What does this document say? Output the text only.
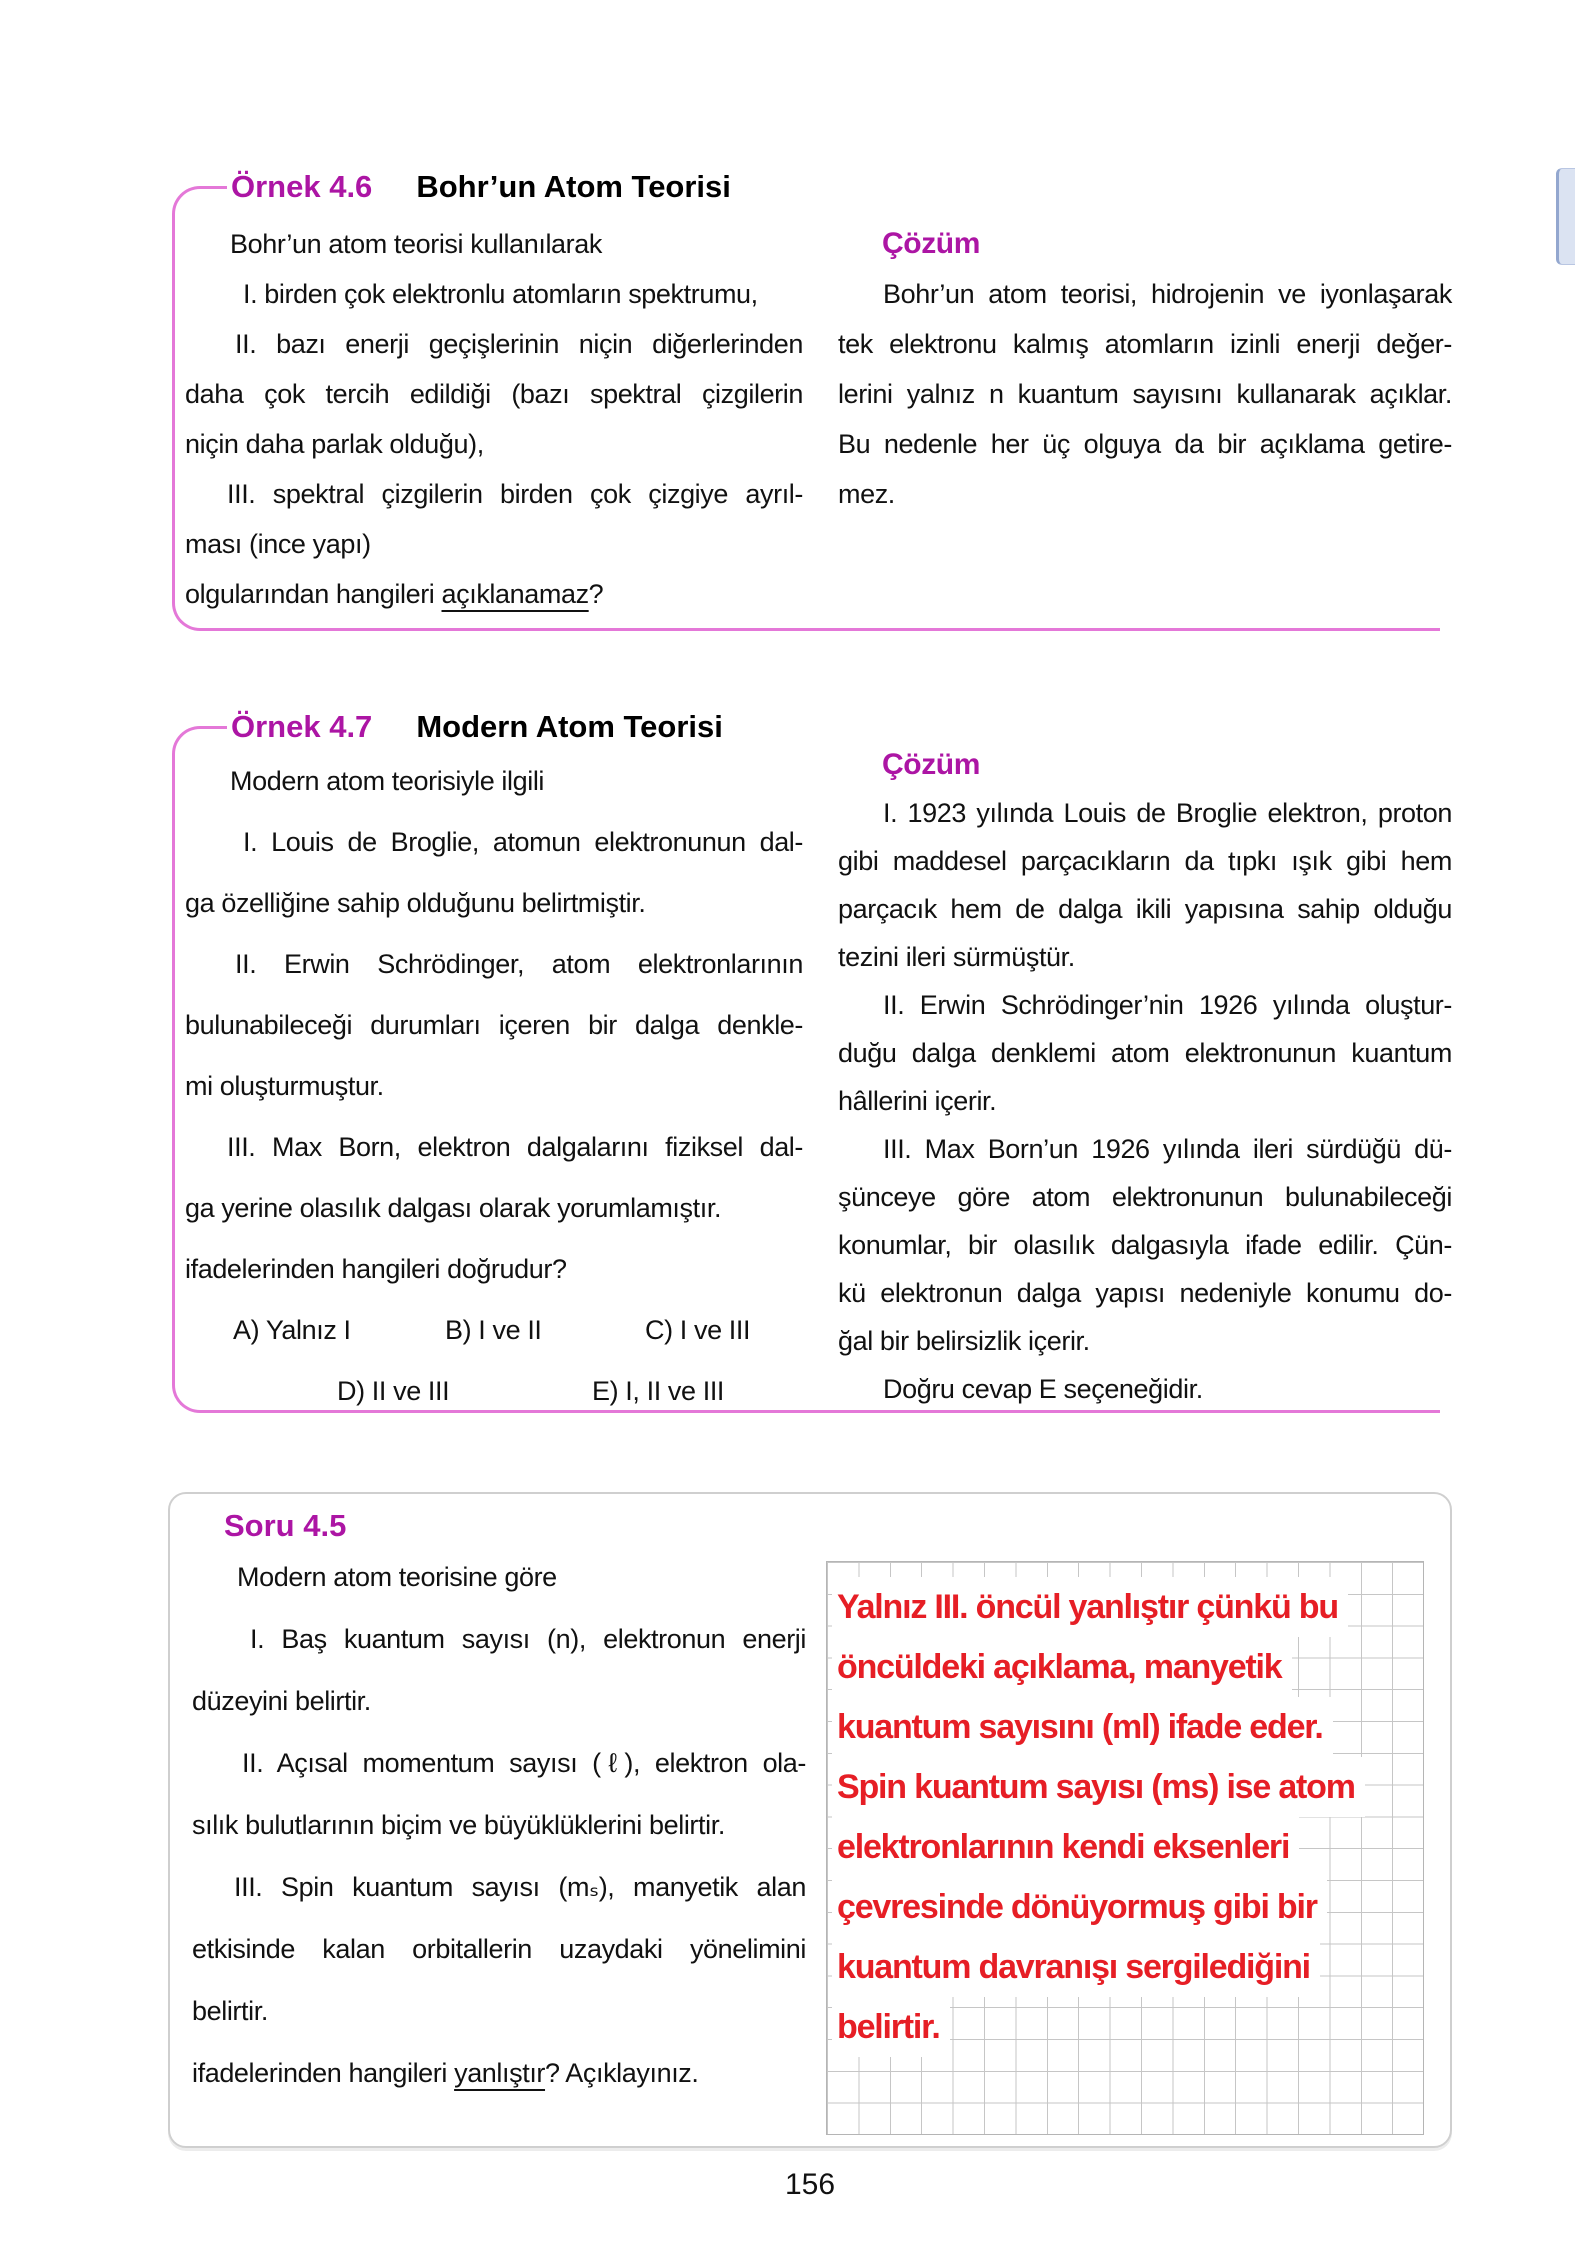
Örnek 4.6 Bohr’un Atom Teorisi
Bohr’un atom teorisi kullanılarak
I. birden çok elektronlu atomların spektrumu,
II. bazı enerji geçişlerinin niçin diğerlerinden
daha çok tercih edildiği (bazı spektral çizgilerin
niçin daha parlak olduğu),
III. spektral çizgilerin birden çok çizgiye ayrıl-
ması (ince yapı)
olgularından hangileri açıklanamaz?
Çözüm
Bohr’un atom teorisi, hidrojenin ve iyonlaşarak
tek elektronu kalmış atomların izinli enerji değer-
lerini yalnız n kuantum sayısını kullanarak açıklar.
Bu nedenle her üç olguya da bir açıklama getire-
mez.
Örnek 4.7 Modern Atom Teorisi
Modern atom teorisiyle ilgili
I. Louis de Broglie, atomun elektronunun dal-
ga özelliğine sahip olduğunu belirtmiştir.
II. Erwin Schrödinger, atom elektronlarının
bulunabileceği durumları içeren bir dalga denkle-
mi oluşturmuştur.
III. Max Born, elektron dalgalarını fiziksel dal-
ga yerine olasılık dalgası olarak yorumlamıştır.
ifadelerinden hangileri doğrudur?
A) Yalnız I	B) I ve II	C) I ve III
D) II ve III	E) I, II ve III
Çözüm
I. 1923 yılında Louis de Broglie elektron, proton
gibi maddesel parçacıkların da tıpkı ışık gibi hem
parçacık hem de dalga ikili yapısına sahip olduğu
tezini ileri sürmüştür.
II. Erwin Schrödinger’nin 1926 yılında oluştur-
duğu dalga denklemi atom elektronunun kuantum
hâllerini içerir.
III. Max Born’un 1926 yılında ileri sürdüğü dü-
şünceye göre atom elektronunun bulunabileceği
konumlar, bir olasılık dalgasıyla ifade edilir. Çün-
kü elektronun dalga yapısı nedeniyle konumu do-
ğal bir belirsizlik içerir.
Doğru cevap E seçeneğidir.
Soru 4.5
Modern atom teorisine göre
I. Baş kuantum sayısı (n), elektronun enerji
düzeyini belirtir.
II. Açısal momentum sayısı (ℓ), elektron ola-
sılık bulutlarının biçim ve büyüklüklerini belirtir.
III. Spin kuantum sayısı (mₛ), manyetik alan
etkisinde kalan orbitallerin uzaydaki yönelimini
belirtir.
ifadelerinden hangileri yanlıştır? Açıklayınız.
Yalnız III. öncül yanlıştır çünkü bu
öncüldeki açıklama, manyetik
kuantum sayısını (ml) ifade eder.
Spin kuantum sayısı (ms) ise atom
elektronlarının kendi eksenleri
çevresinde dönüyormuş gibi bir
kuantum davranışı sergilediğini
belirtir.
156
